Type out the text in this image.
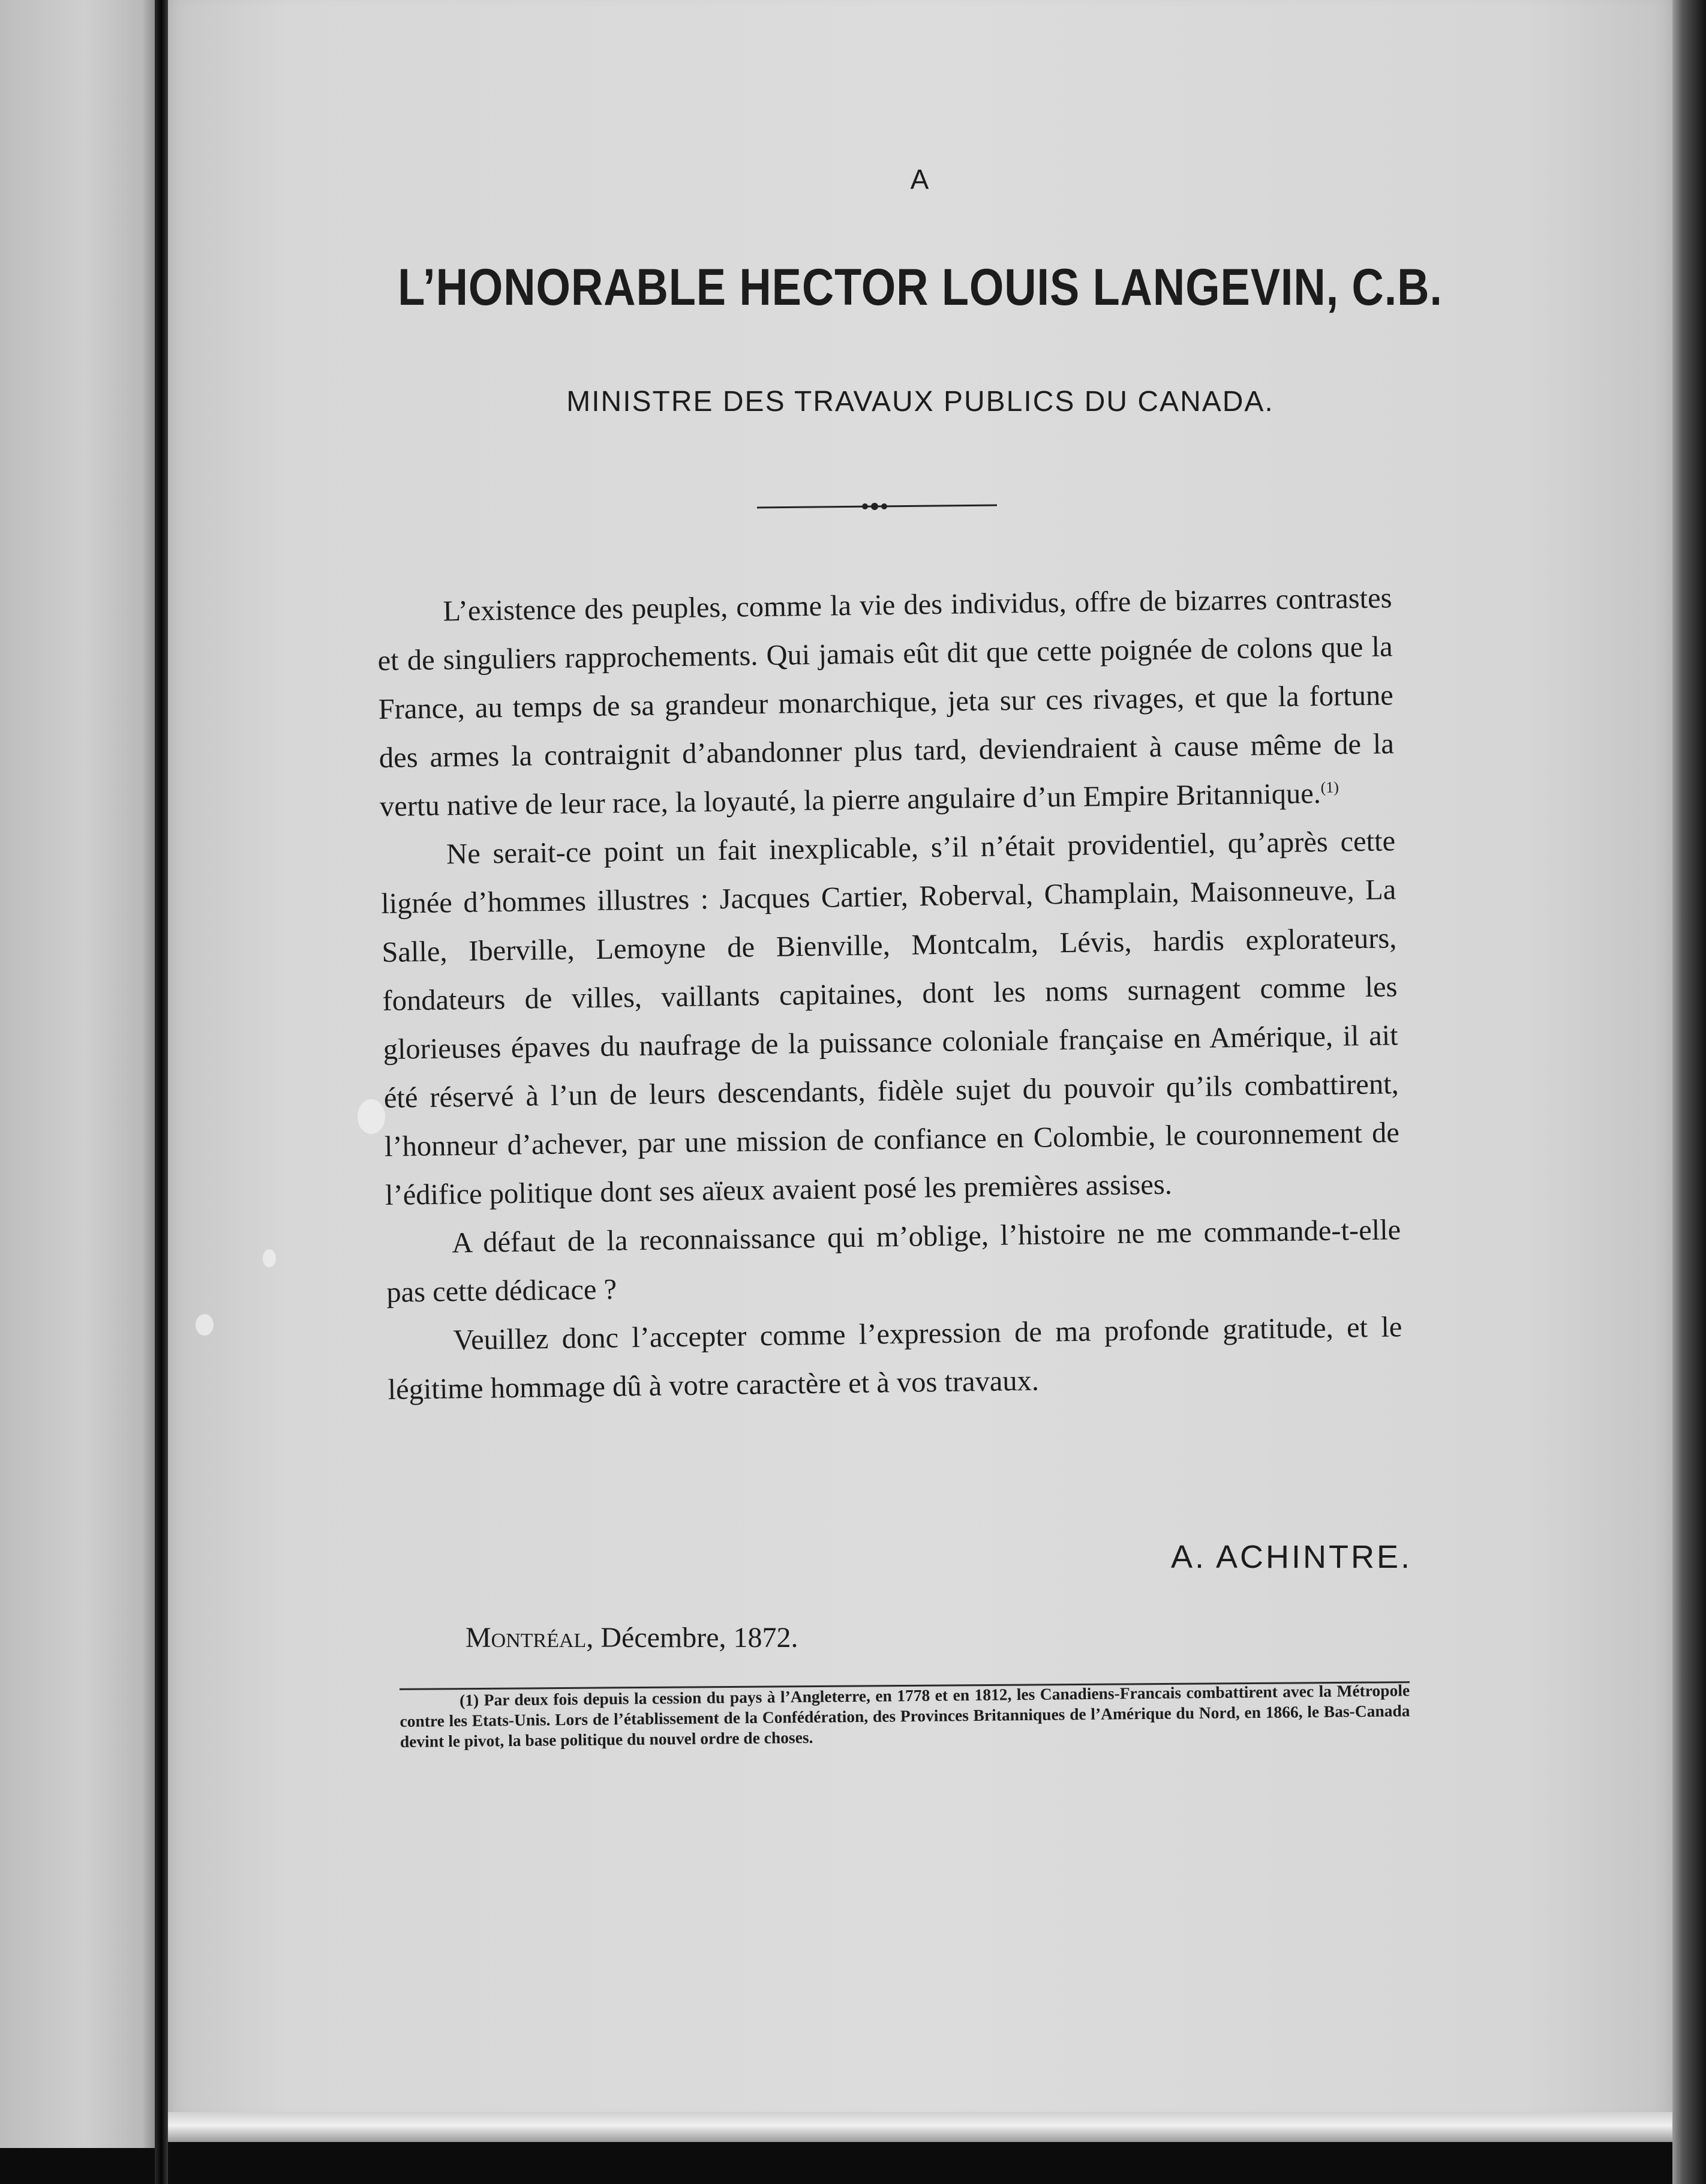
A
L’HONORABLE HECTOR LOUIS LANGEVIN, C.B.
MINISTRE DES TRAVAUX PUBLICS DU CANADA.

L’existence des peuples, comme la vie des individus, offre de bizarres contrastes et de singuliers rapprochements. Qui jamais eût dit que cette poignée de colons que la France, au temps de sa grandeur monarchique, jeta sur ces rivages, et que la fortune des armes la contraignit d’abandonner plus tard, deviendraient à cause même de la vertu native de leur race, la loyauté, la pierre angulaire d’un Empire Britannique.$^{(1)}$

Ne serait-ce point un fait inexplicable, s’il n’était providentiel, qu’après cette lignée d’hommes illustres : Jacques Cartier, Roberval, Champlain, Maisonneuve, La Salle, Iberville, Lemoyne de Bienville, Montcalm, Lévis, hardis explorateurs, fondateurs de villes, vaillants capitaines, dont les noms surnagent comme les glorieuses épaves du naufrage de la puissance coloniale française en Amérique, il ait été réservé à l’un de leurs descendants, fidèle sujet du pouvoir qu’ils combattirent, l’honneur d’achever, par une mission de confiance en Colombie, le couronnement de l’édifice politique dont ses aïeux avaient posé les premières assises.

A défaut de la reconnaissance qui m’oblige, l’histoire ne me commande-t-elle pas cette dédicace ?

Veuillez donc l’accepter comme l’expression de ma profonde gratitude, et le légitime hommage dû à votre caractère et à vos travaux.

A. ACHINTRE.
Montréal, Décembre, 1872.

(1) Par deux fois depuis la cession du pays à l’Angleterre, en 1778 et en 1812, les Canadiens-Francais combattirent avec la Métropole contre les Etats-Unis. Lors de l’établissement de la Confédération, des Provinces Britanniques de l’Amérique du Nord, en 1866, le Bas-Canada devint le pivot, la base politique du nouvel ordre de choses.
